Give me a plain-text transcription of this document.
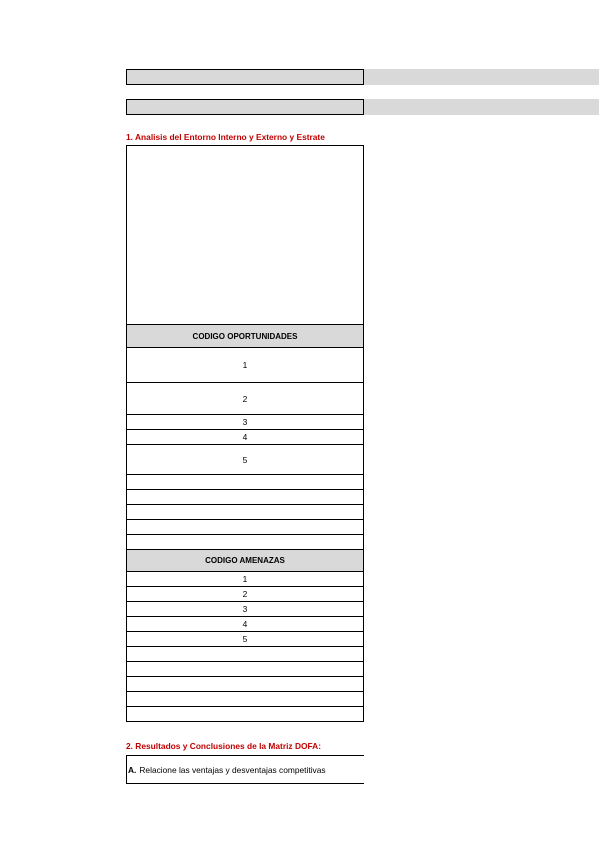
1. Analisis del Entorno Interno y Externo y Estrate
CODIGO OPORTUNIDADES
1
2
3
4
5
CODIGO AMENAZAS
1
2
3
4
5
2. Resultados y Conclusiones de la Matriz DOFA:
A. Relacione las ventajas y desventajas competitivas
